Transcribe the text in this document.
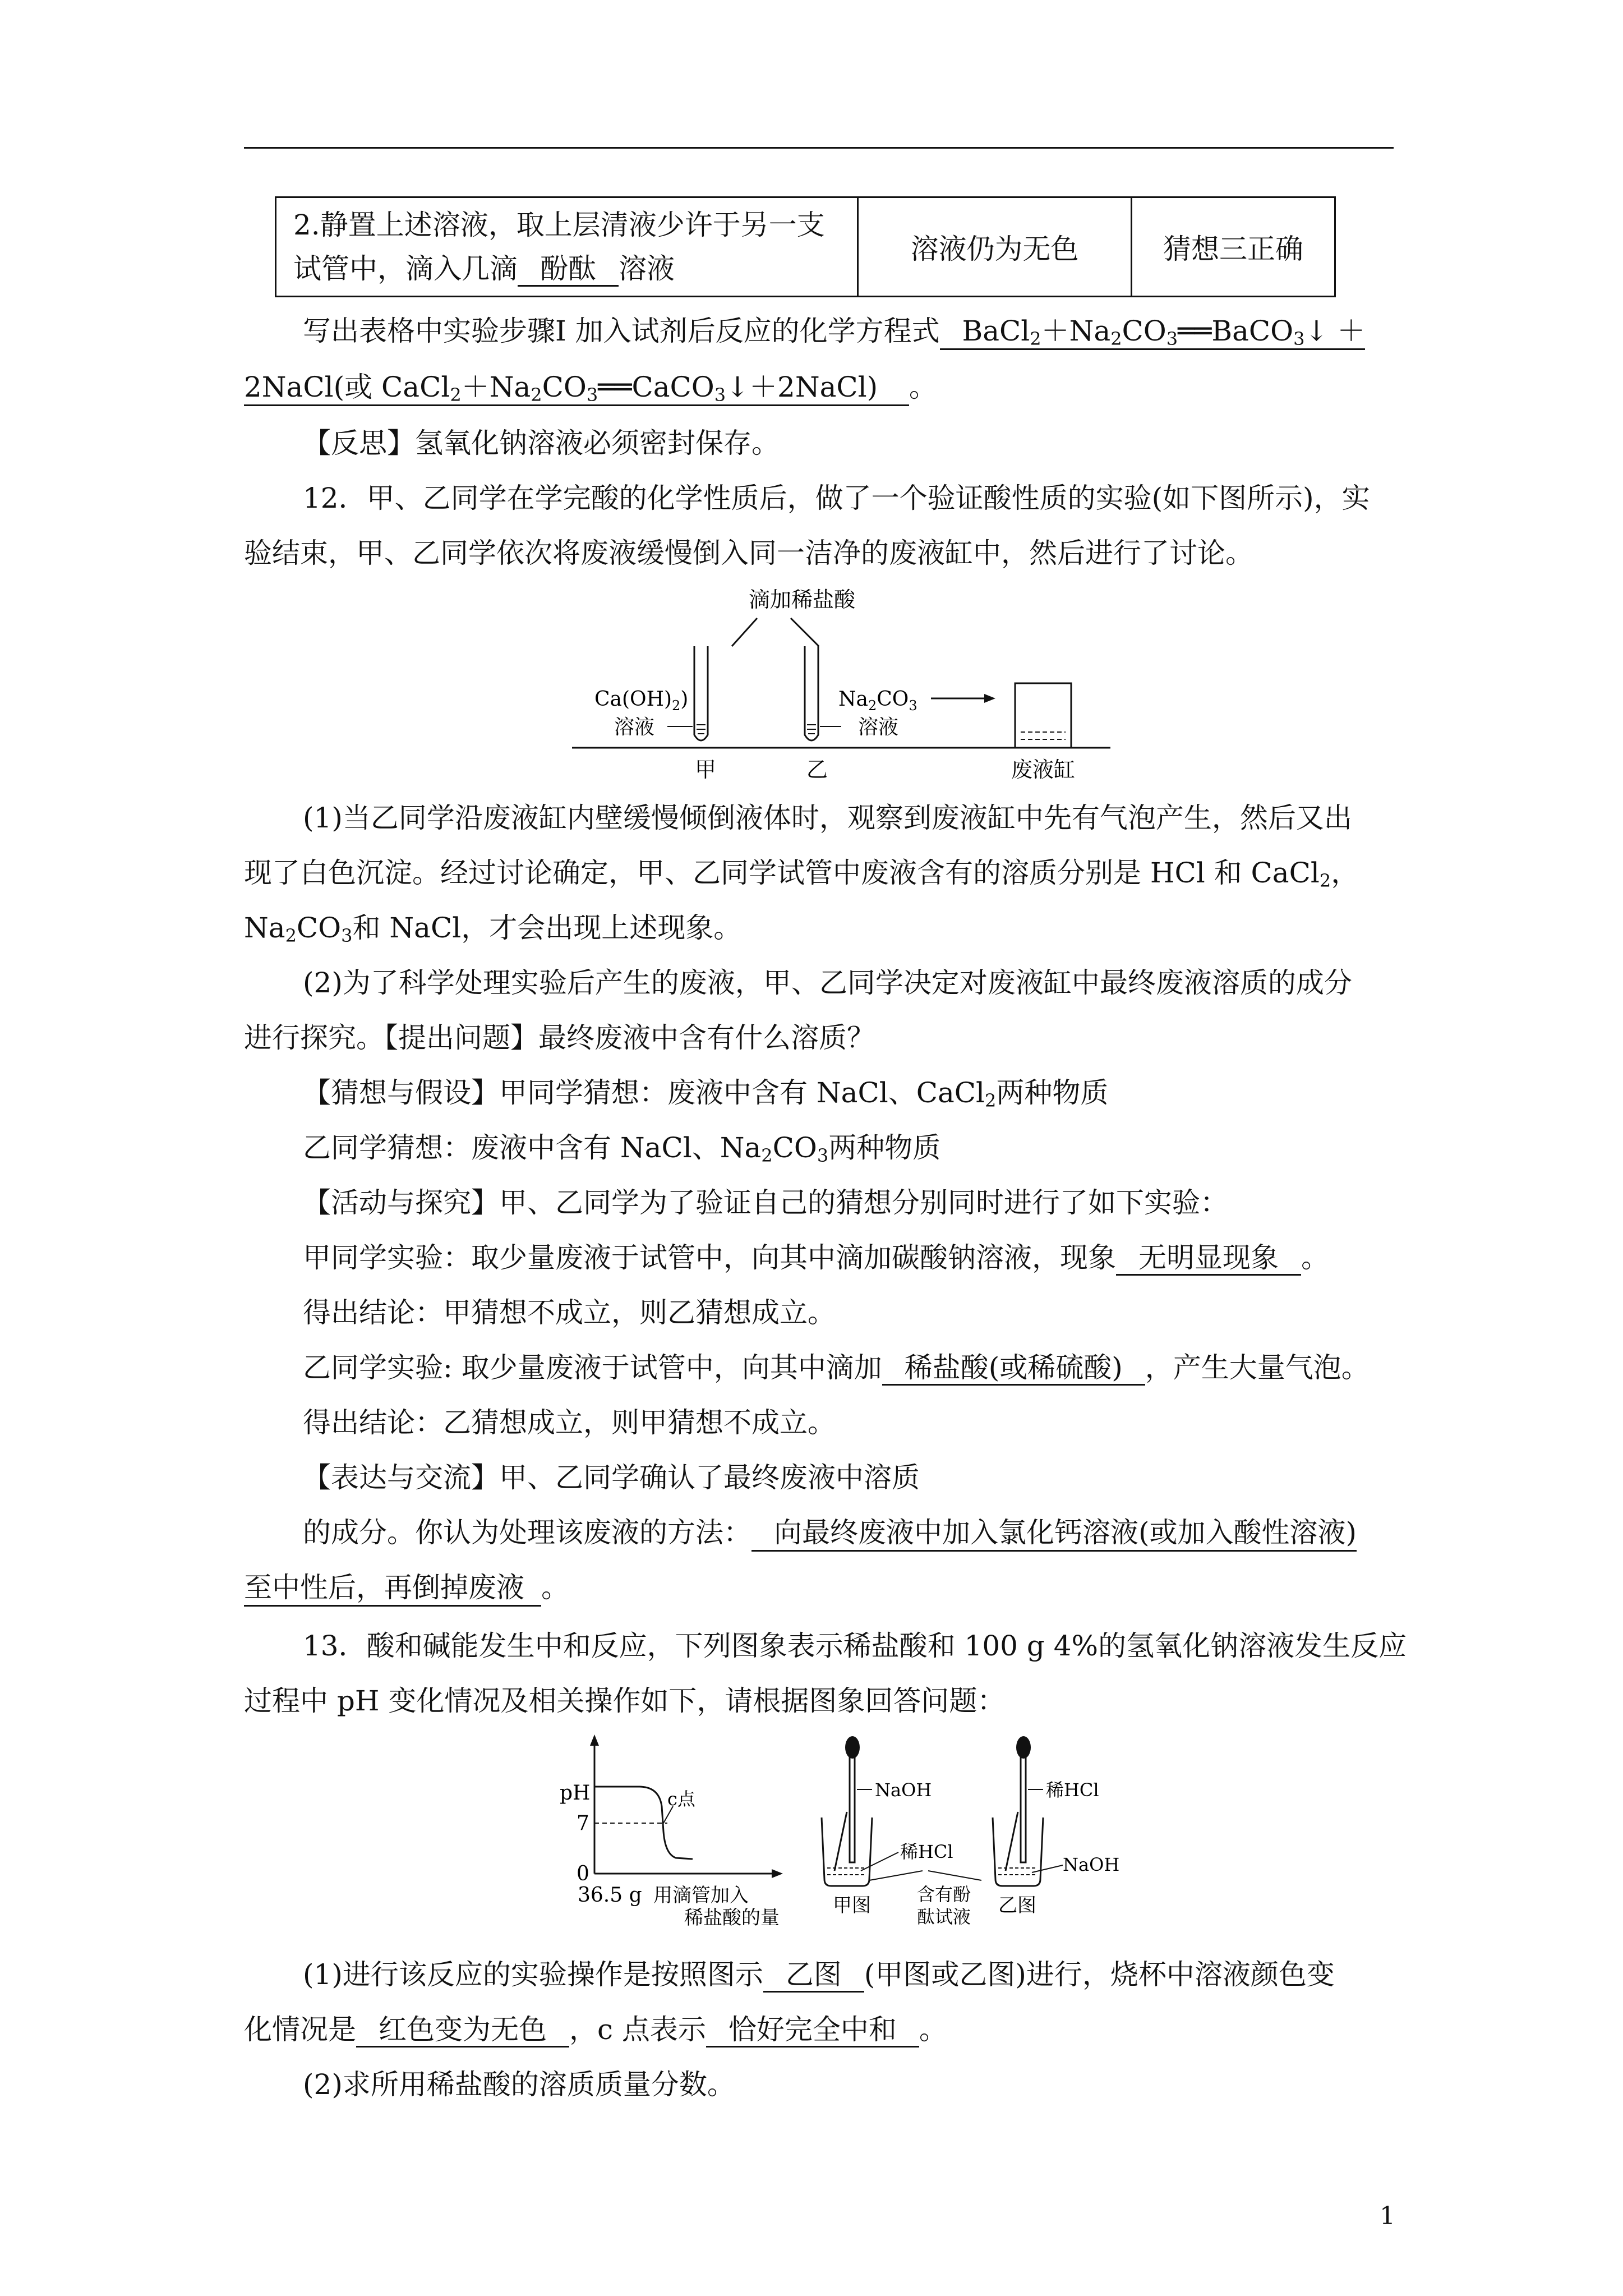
2.静置上述溶液，取上层清液少许于另一支
试管中，滴入几滴 酚酞 溶液
	溶液仍为无色	猜想三正确
写出表格中实验步骤Ⅰ 加入试剂后反应的化学方程式 $BaCl_2+Na_2CO_3══BaCO_3↓$ ＋
2NaCl(或 $CaCl_2+Na_2CO_3══CaCO_3↓+2NaCl$) 。
【反思】氢氧化钠溶液必须密封保存。
12．甲、乙同学在学完酸的化学性质后，做了一个验证酸性质的实验(如下图所示)，实
验结束，甲、乙同学依次将废液缓慢倒入同一洁净的废液缸中，然后进行了讨论。
滴加稀盐酸
$Ca(OH)_2$)
溶液
$Na_2CO_3$
溶液
甲	乙	废液缸
(1)当乙同学沿废液缸内壁缓慢倾倒液体时，观察到废液缸中先有气泡产生，然后又出
现了白色沉淀。经过讨论确定，甲、乙同学试管中废液含有的溶质分别是 HCl 和 CaCl$_2$，
$Na_2CO_3$和 NaCl，才会出现上述现象。
(2)为了科学处理实验后产生的废液，甲、乙同学决定对废液缸中最终废液溶质的成分
进行探究。【提出问题】最终废液中含有什么溶质？
【猜想与假设】甲同学猜想：废液中含有 NaCl、CaCl$_2$两种物质
乙同学猜想：废液中含有 NaCl、$Na_2CO_3$两种物质
【活动与探究】甲、乙同学为了验证自己的猜想分别同时进行了如下实验：
甲同学实验：取少量废液于试管中，向其中滴加碳酸钠溶液，现象 无明显现象 。
得出结论：甲猜想不成立，则乙猜想成立。
乙同学实验: 取少量废液于试管中，向其中滴加 稀盐酸(或稀硫酸) ，产生大量气泡。
得出结论：乙猜想成立，则甲猜想不成立。
【表达与交流】甲、乙同学确认了最终废液中溶质
的成分。你认为处理该废液的方法： 向最终废液中加入氯化钙溶液(或加入酸性溶液)
至中性后，再倒掉废液 。
13．酸和碱能发生中和反应，下列图象表示稀盐酸和 100 g 4%的氢氧化钠溶液发生反应
过程中 pH 变化情况及相关操作如下，请根据图象回答问题：
pH
7
0
c点
36.5 g 用滴管加入
稀盐酸的量
NaOH
稀HCl
甲图	含有酚
酞试液
稀HCl
NaOH
乙图
(1)进行该反应的实验操作是按照图示 乙图 (甲图或乙图)进行，烧杯中溶液颜色变
化情况是 红色变为无色 ，c 点表示 恰好完全中和 。
(2)求所用稀盐酸的溶质质量分数。
1
